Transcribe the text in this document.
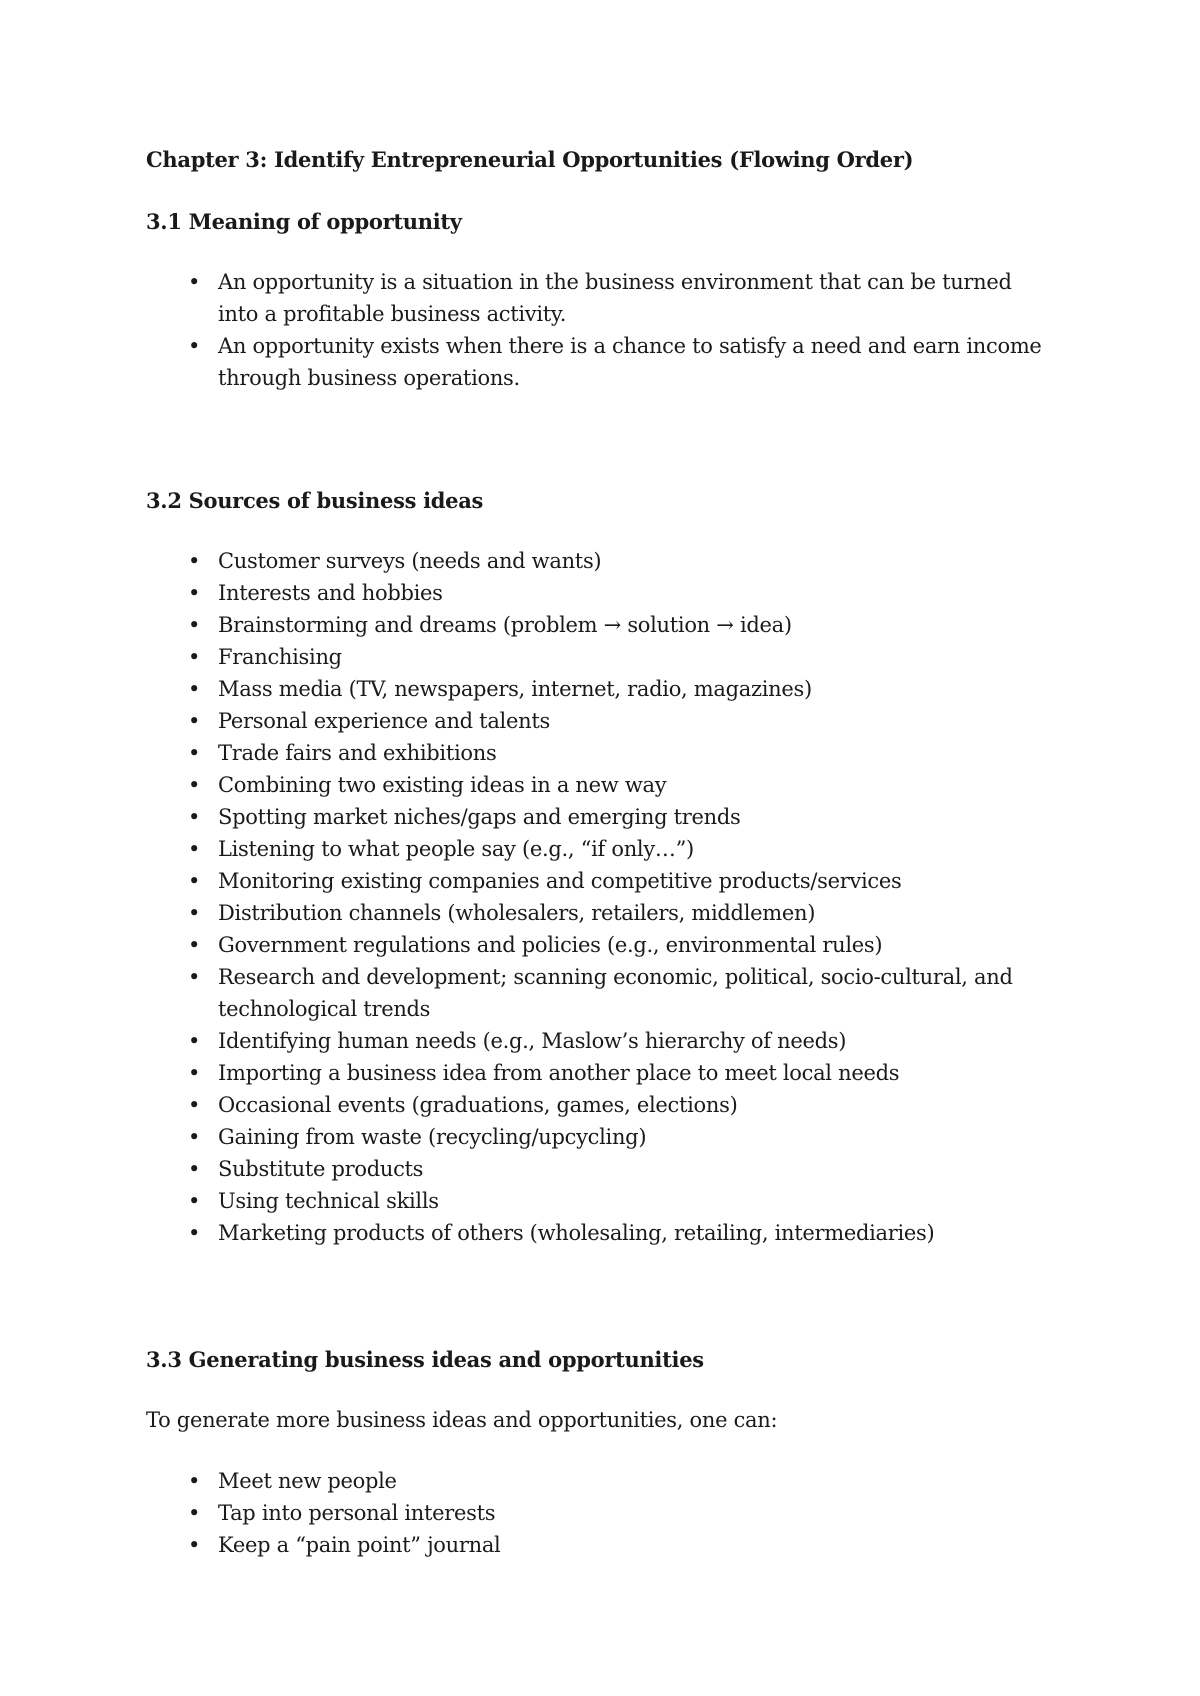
Chapter 3: Identify Entrepreneurial Opportunities (Flowing Order)
3.1 Meaning of opportunity
• An opportunity is a situation in the business environment that can be turned into a profitable business activity.
• An opportunity exists when there is a chance to satisfy a need and earn income through business operations.
3.2 Sources of business ideas
• Customer surveys (needs and wants)
• Interests and hobbies
• Brainstorming and dreams (problem → solution → idea)
• Franchising
• Mass media (TV, newspapers, internet, radio, magazines)
• Personal experience and talents
• Trade fairs and exhibitions
• Combining two existing ideas in a new way
• Spotting market niches/gaps and emerging trends
• Listening to what people say (e.g., “if only…”)
• Monitoring existing companies and competitive products/services
• Distribution channels (wholesalers, retailers, middlemen)
• Government regulations and policies (e.g., environmental rules)
• Research and development; scanning economic, political, socio-cultural, and technological trends
• Identifying human needs (e.g., Maslow’s hierarchy of needs)
• Importing a business idea from another place to meet local needs
• Occasional events (graduations, games, elections)
• Gaining from waste (recycling/upcycling)
• Substitute products
• Using technical skills
• Marketing products of others (wholesaling, retailing, intermediaries)
3.3 Generating business ideas and opportunities
To generate more business ideas and opportunities, one can:
• Meet new people
• Tap into personal interests
• Keep a “pain point” journal
